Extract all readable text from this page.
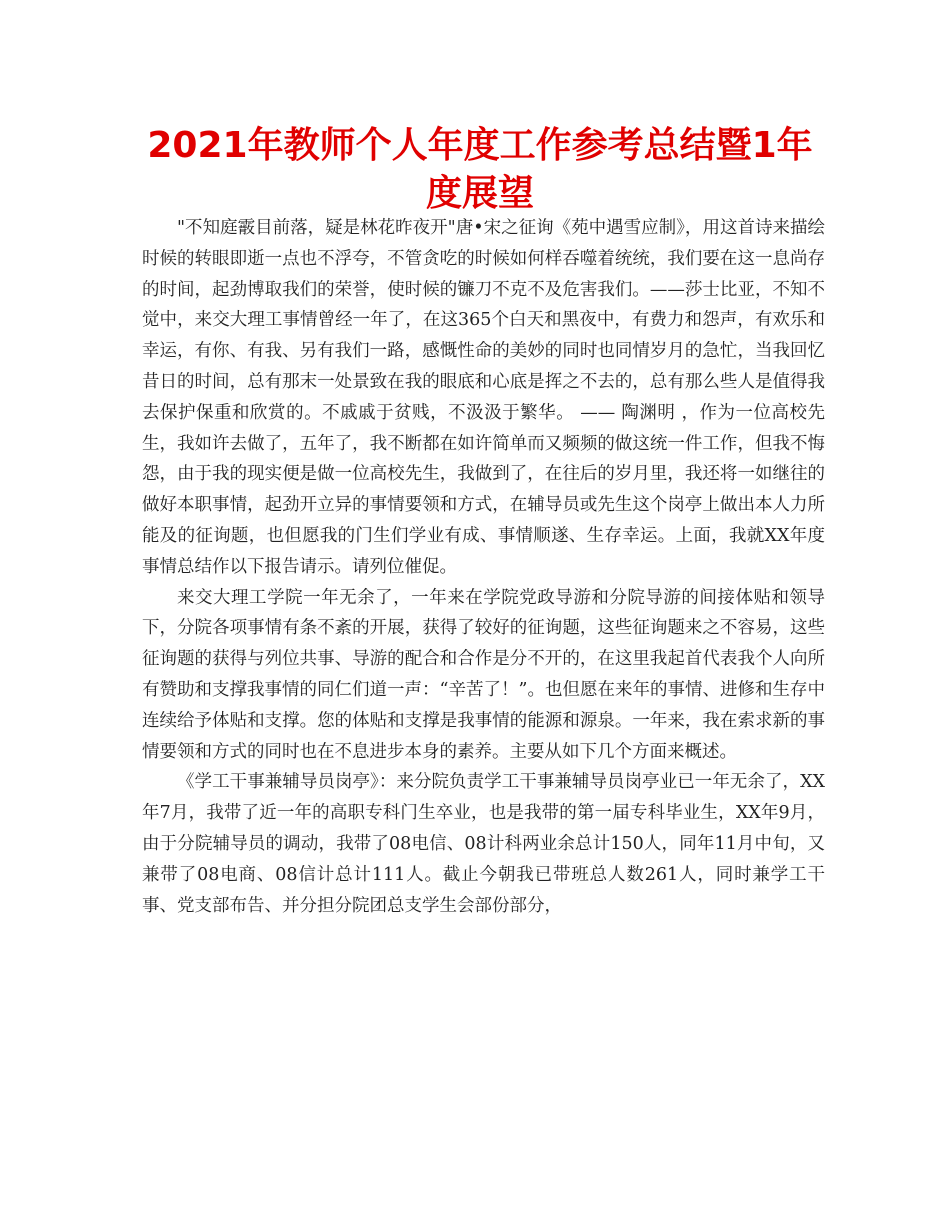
2021年教师个人年度工作参考总结暨1年度展望

"不知庭霰目前落，疑是林花昨夜开"唐•宋之征询《苑中遇雪应制》，用这首诗来描绘时候的转眼即逝一点也不浮夸，不管贪吃的时候如何样吞噬着统统，我们要在这一息尚存的时间，起劲博取我们的荣誉，使时候的镰刀不克不及危害我们。——莎士比亚，不知不觉中，来交大理工事情曾经一年了，在这365个白天和黑夜中，有费力和怨声，有欢乐和幸运，有你、有我、另有我们一路，感慨性命的美妙的同时也同情岁月的急忙，当我回忆昔日的时间，总有那末一处景致在我的眼底和心底是挥之不去的，总有那么些人是值得我去保护保重和欣赏的。不戚戚于贫贱，不汲汲于繁华。 —— 陶渊明 ，作为一位高校先生，我如许去做了，五年了，我不断都在如许简单而又频频的做这统一件工作，但我不悔怨，由于我的现实便是做一位高校先生，我做到了，在往后的岁月里，我还将一如继往的做好本职事情，起劲开立异的事情要领和方式，在辅导员或先生这个岗亭上做出本人力所能及的征询题，也但愿我的门生们学业有成、事情顺遂、生存幸运。上面，我就XX年度事情总结作以下报告请示。请列位催促。

来交大理工学院一年无余了，一年来在学院党政导游和分院导游的间接体贴和领导下，分院各项事情有条不紊的开展，获得了较好的征询题，这些征询题来之不容易，这些征询题的获得与列位共事、导游的配合和合作是分不开的，在这里我起首代表我个人向所有赞助和支撑我事情的同仁们道一声：“辛苦了！”。也但愿在来年的事情、进修和生存中连续给予体贴和支撑。您的体贴和支撑是我事情的能源和源泉。一年来，我在索求新的事情要领和方式的同时也在不息进步本身的素养。主要从如下几个方面来概述。

《学工干事兼辅导员岗亭》：来分院负责学工干事兼辅导员岗亭业已一年无余了，XX年7月，我带了近一年的高职专科门生卒业，也是我带的第一届专科毕业生，XX年9月，由于分院辅导员的调动，我带了08电信、08计科两业余总计150人，同年11月中旬，又兼带了08电商、08信计总计111人。截止今朝我已带班总人数261人，同时兼学工干事、党支部布告、并分担分院团总支学生会部份部分，
